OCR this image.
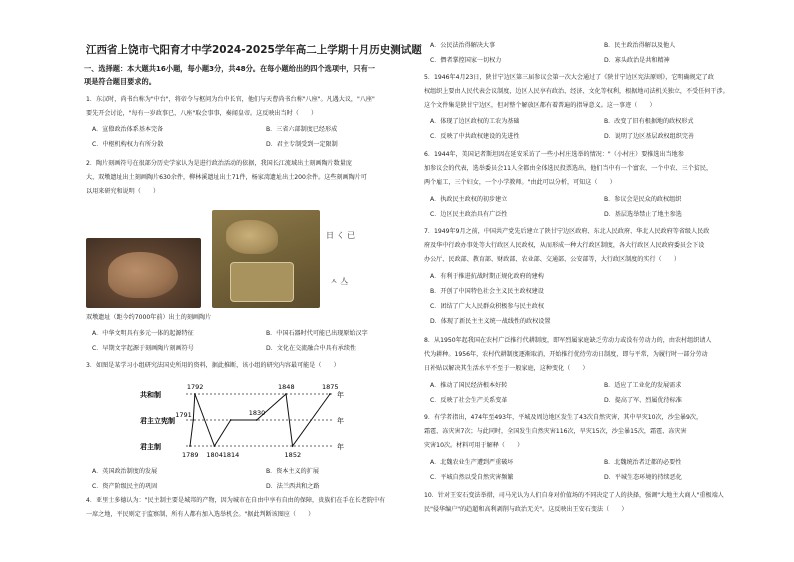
江西省上饶市弋阳育才中学2024-2025学年高二上学期十月历史测试题
一、选择题：本大题共16小题，每小题3分，共48分。在每小题给出的四个选项中，只有一
项是符合题目要求的。
1．东汉时，尚书台称为"中台"，将帝令与枢问为台中长官，他们与天曹尚书台称"八座"。凡遇大议，"八座"
要先开会讨论，"每有一岁政事已，八座"取会事事，奏闻皇帝。这反映出当时（　　）
A．宣僚政治体系基本完备	B．三省六部制度已经形成
C．中枢机构权力有所分散	D．君主专制受到一定限制
2．陶片刻画符号在很部分历史学家认为是进行政治活动的依据，我国长江流域出土刻画陶片数量庞
大，双墩遗址出土刻画陶片630余件，柳林溪遗址出土71件，杨家湾遗址出土200余件。这些刻画陶片可
以用来研究和说明（　　）
日 く 已
ㅅ 亼
双墩遗址（距今约7000年前）出土的刻画陶片
A．中华文明具有多元一体的起源特征	B．中国石器时代可能已出现原始汉字
C．早期文字起源于刻画陶片刻画符号	D．文化在交流融合中具有承续性
3．如图是某学习小组研究法国史所用的资料，据此推断，该小组的研究内容最可能是（　　）
君主制	年
君主立宪制	年
共和制	年
1792	1848	1875
1791
1789 1804 1814
1830
1852
A．英国政治制度的发展	B．资本主义的扩展
C．资产阶级民主的巩固	D．法兰西共和之路
4．亚里士多德认为："民主制主要是城邦的产物，因为城市在自由中享有自由的保障，贵族们在手在长老院中有
一席之地，平民则定于监察制，所有人都有加入选举机会。"据此判断该图应（　　）
A．公民法治得解决大事	B．民主政治得解以及他人
C．僭者掌控国家一切权力	D．寡头政治是共和精神
5．1946年4月23日，陕甘宁边区第三届参议会第一次大会通过了《陕甘宁边区宪法原则》，它明确规定了政
权组织上要由人民代表会议制度，边区人民享有政治、经济、文化等权利，根据地司法机关独立，不受任何干涉。
这个文件集是陕甘宁边区，但对整个解放区都有着普遍的指导意义。这一事迹（　　）
A．体现了边区政权的工农为基础	B．改变了旧有根据地的政权形式
C．反映了中共政权建设的先进性	D．说明了边区基层政权组织完善
6．1944年，美国记者斯坦因在延安采访了一些小村庄选举的情况："（小村庄）要推选出当地参
加参议会的代表，选举委员会11人全都由全体选民投票选出，他们当中有一个富农、一个中农、三个贫民，
两个雇工，三个妇女，一个小学教师。"由此可以分析，可知这（　　）
A．执政民主政权的初步建立	B．参议会是民众的政权组织
C．边区民主政治具有广泛性	D．基层选举禁止了地主参选
7．1949年9月之前，中国共产党先后建立了陕甘宁边区政府、东北人民政府、华北人民政府等省级人民政
府及华中行政办事处等大行政区人民政权，从而形成一种大行政区制度，各大行政区人民政府委员会下设
办公厅、民政部、教育部、财政部、农业部、交通部、公安部等，大行政区制度的实行（　　）
A．有利于推进抗战时期正规化政府的建构
B．开创了中国特色社会主义民主政权建设
C．团结了广大人民群众积极参与民主政权
D．体现了新民主主义统一战线性的政权设置
8．从1950年起我国在农村广泛推行代耕制度，即军烈属家庭缺乏劳动力或没有劳动力的，由农村组织请人
代为耕种。1956年，农村代耕制度逐渐取消，开始推行优待劳动日制度，即与平常，为履行时一部分劳动
日补贴以解决其生活水平不至于一般家庭，这种变化（　　）
A．推动了国民经济根本好转	B．适应了工业化的发展需求
C．反映了社会生产关系变革	D．提高了军、烈属优待标准
9．有学者指出，474年至493年，平城及周边地区发生了43次自然灾害，其中旱灾10次，沙尘暴9次，
霜雹、冻灾害7次；与此同时，全国发生自然灾害116次，旱灾15次，沙尘暴15次，霜雹、冻灾害
灾害10次。材料可用于解释（　　）
A．北魏农业生产遭到严重破坏	B．北魏统治者迁都的必要性
C．平城自然以受自然灾害频繁	D．平城生态环境的持续恶化
10．针对王安石变法举措，司马光认为人们自身对价值场的不同决定了人的抉择，强调"大地主大商人"重极端人
民"侵华编户"的趋超和高利剥削与政治无关"。这反映出王安石变法（　　）
